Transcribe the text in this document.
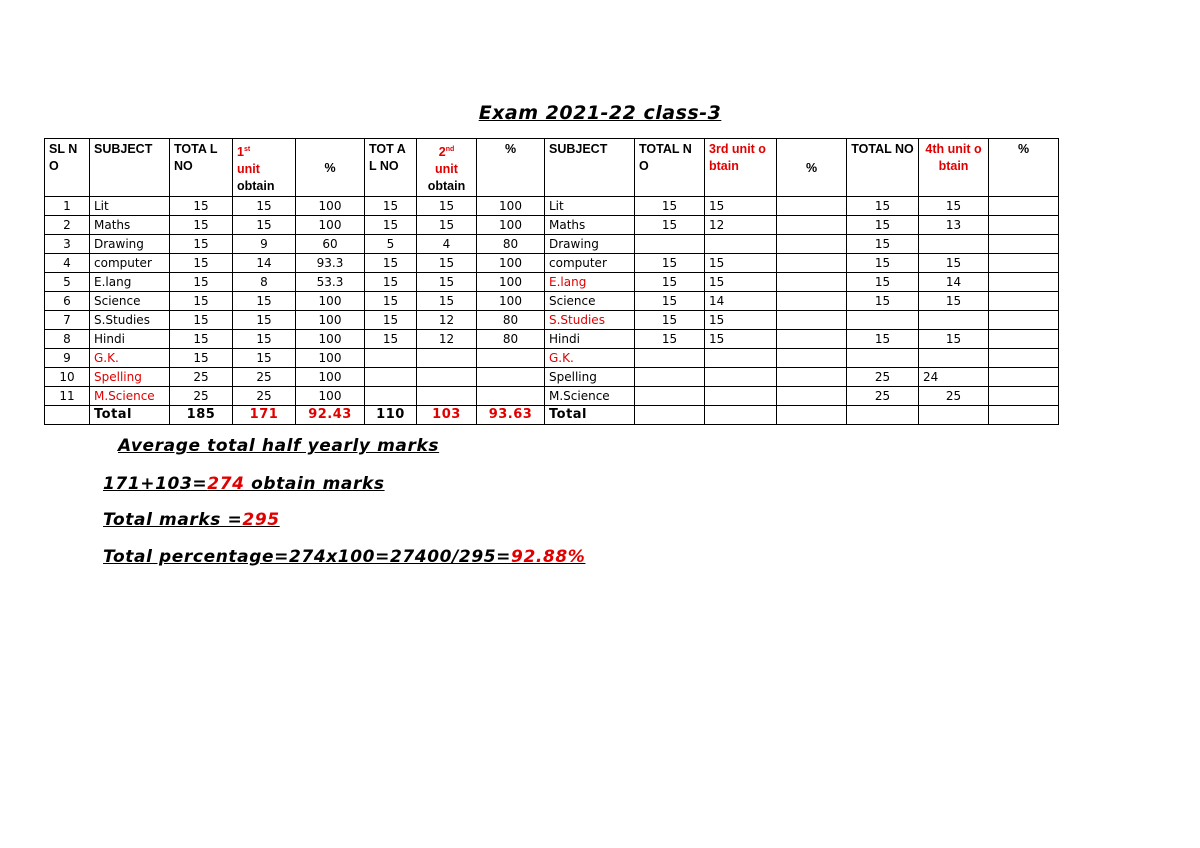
Exam 2021-22 class-3
SL NO	SUBJECT	TOTA L NO	1st
unit
obtain	%	TOT AL NO	2nd
unit
obtain	%	SUBJECT	TOTAL NO	3rd unit obtain	%	TOTAL NO	4th unit obtain	%
1	Lit	15	15	100	15	15	100	Lit	15	15		15	15	
2	Maths	15	15	100	15	15	100	Maths	15	12		15	13	
3	Drawing	15	9	60	5	4	80	Drawing				15		
4	computer	15	14	93.3	15	15	100	computer	15	15		15	15	
5	E.lang	15	8	53.3	15	15	100	E.lang	15	15		15	14	
6	Science	15	15	100	15	15	100	Science	15	14		15	15	
7	S.Studies	15	15	100	15	12	80	S.Studies	15	15				
8	Hindi	15	15	100	15	12	80	Hindi	15	15		15	15	
9	G.K.	15	15	100				G.K.						
10	Spelling	25	25	100				Spelling				25	24	
11	M.Science	25	25	100				M.Science				25	25	
	Total	185	171	92.43	110	103	93.63	Total						
Average total half yearly marks
171+103=274 obtain marks
Total marks =295
Total percentage=274x100=27400/295=92.88%
